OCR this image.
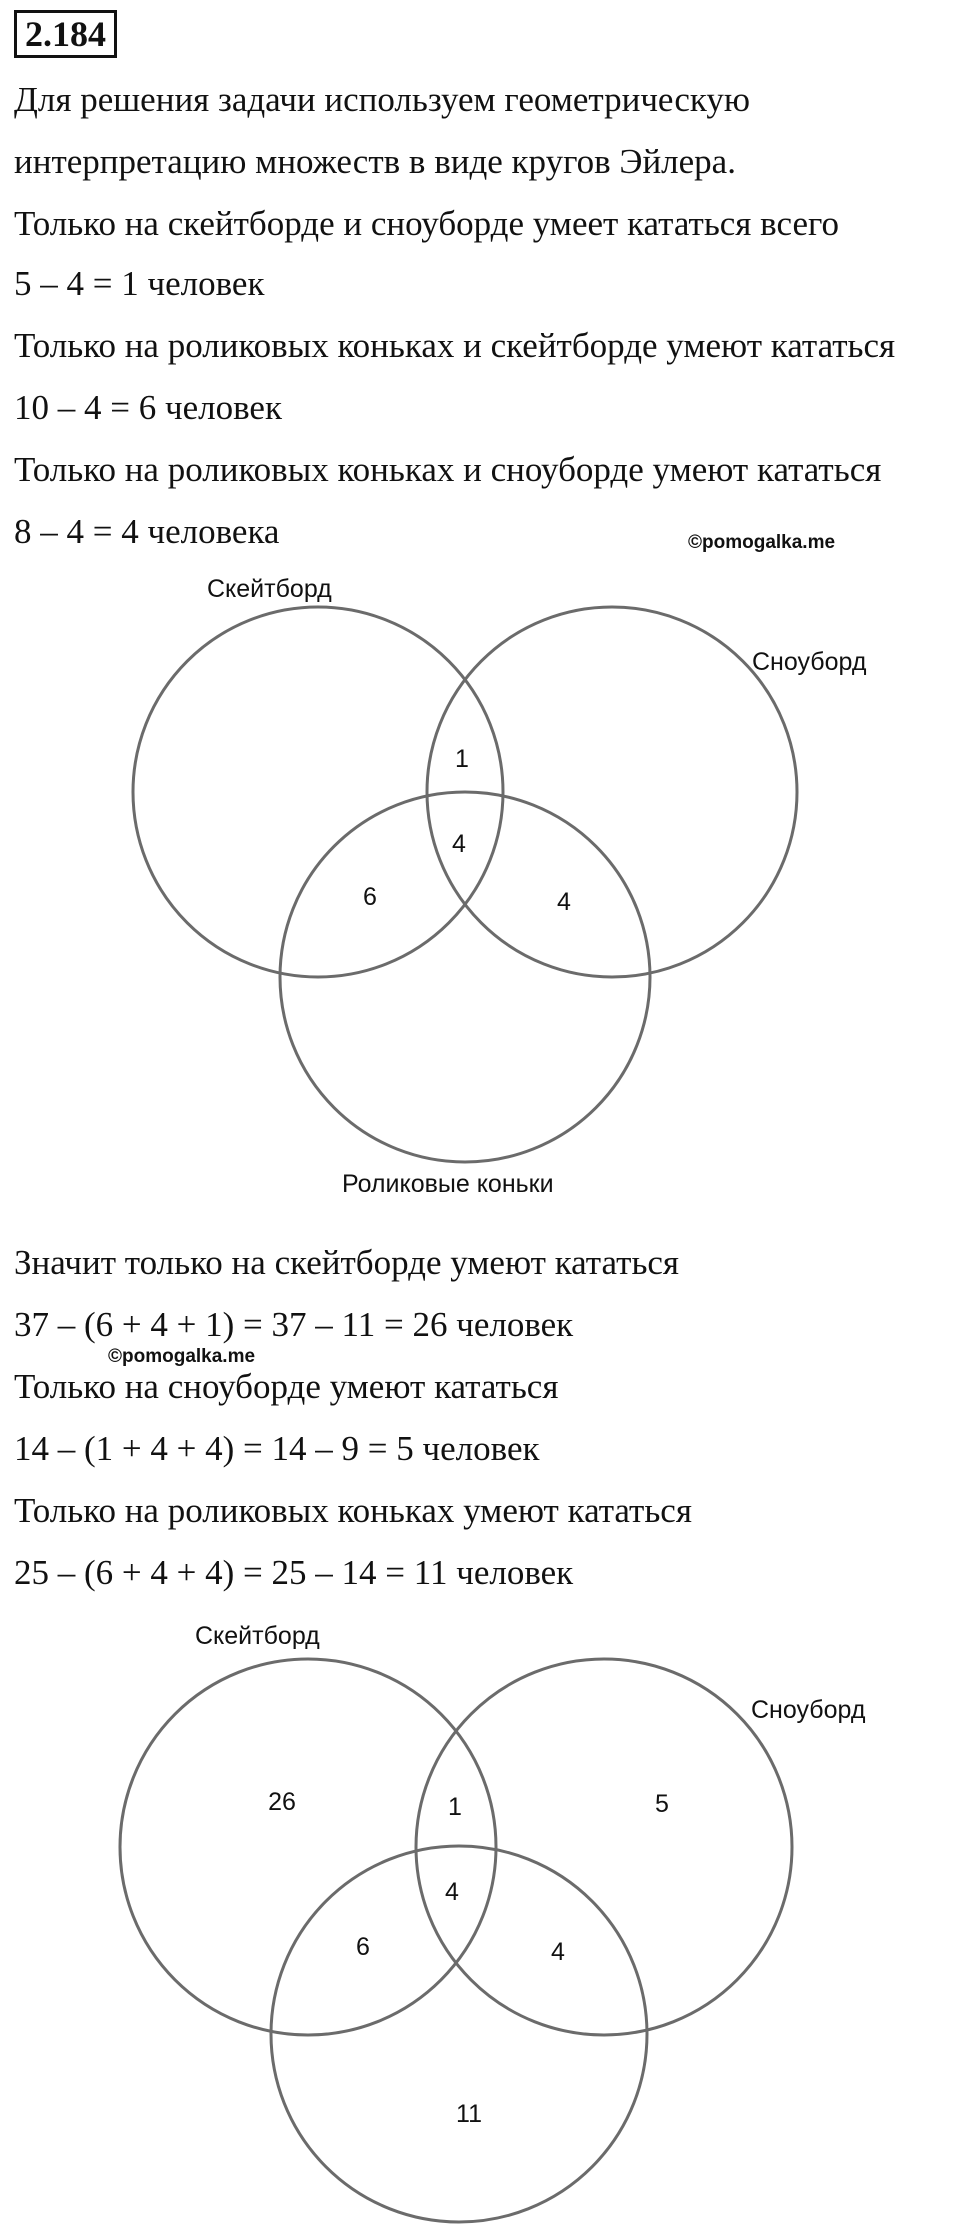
2.184

Для решения задачи используем геометрическую

интерпретацию множеств в виде кругов Эйлера.

Только на скейтборде и сноуборде умеет кататься всего

5 – 4 = 1 человек

Только на роликовых коньках и скейтборде умеют кататься

10 – 4 = 6 человек

Только на роликовых коньках и сноуборде умеют кататься

8 – 4 = 4 человека	©pomogalka.me
Скейтборд
Сноуборд
Роликовые коньки
1
4
6	4

Значит только на скейтборде умеют кататься

37 – (6 + 4 + 1) = 37 – 11 = 26 человек

©pomogalka.me

Только на сноуборде умеют кататься

14 – (1 + 4 + 4) = 14 – 9 = 5 человек

Только на роликовых коньках умеют кататься

25 – (6 + 4 + 4) = 25 – 14 = 11 человек

Скейтборд
Сноуборд
26	5
1
4
6	4
11
